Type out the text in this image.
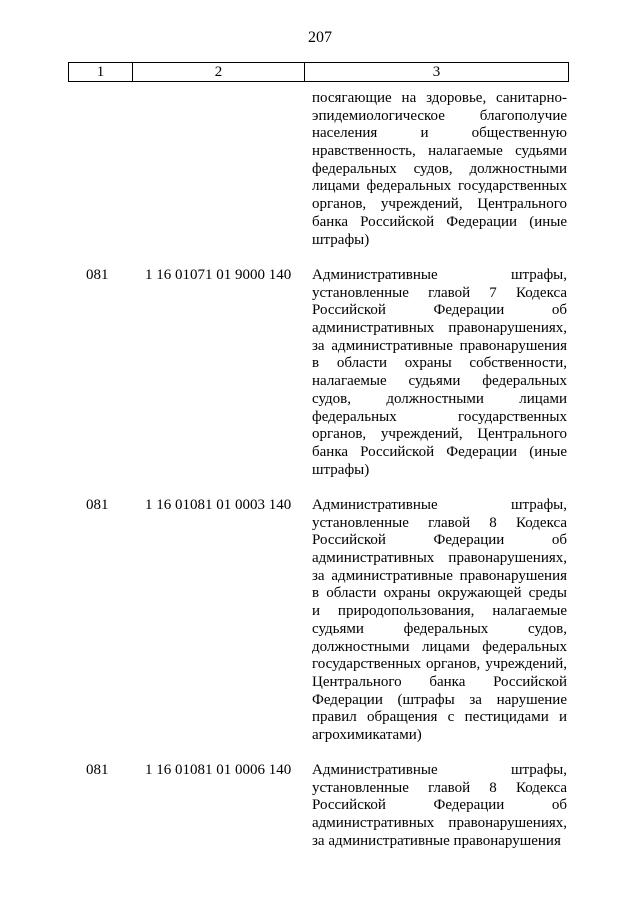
207
1	2	3
посягающие на здоровье, санитарно-
эпидемиологическое благополучие
населения и общественную
нравственность, налагаемые судьями
федеральных судов, должностными
лицами федеральных государственных
органов, учреждений, Центрального
банка Российской Федерации (иные
штрафы)
081	1 16 01071 01 9000 140	Административные штрафы,
установленные главой 7 Кодекса
Российской Федерации об
административных правонарушениях,
за административные правонарушения
в области охраны собственности,
налагаемые судьями федеральных
судов, должностными лицами
федеральных государственных
органов, учреждений, Центрального
банка Российской Федерации (иные
штрафы)
081	1 16 01081 01 0003 140	Административные штрафы,
установленные главой 8 Кодекса
Российской Федерации об
административных правонарушениях,
за административные правонарушения
в области охраны окружающей среды
и природопользования, налагаемые
судьями федеральных судов,
должностными лицами федеральных
государственных органов, учреждений,
Центрального банка Российской
Федерации (штрафы за нарушение
правил обращения с пестицидами и
агрохимикатами)
081	1 16 01081 01 0006 140	Административные штрафы,
установленные главой 8 Кодекса
Российской Федерации об
административных правонарушениях,
за административные правонарушения
